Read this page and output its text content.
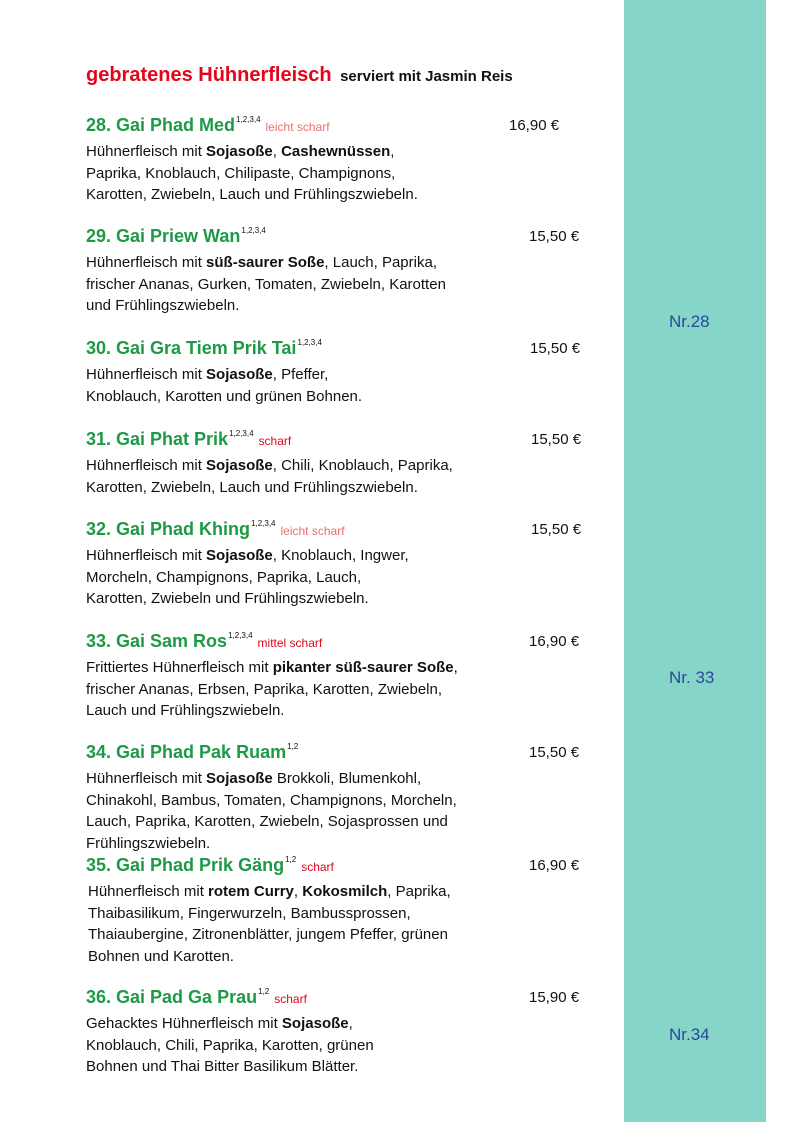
Nr.28
Nr. 33
Nr.34
gebratenes Hühnerfleisch serviert mit Jasmin Reis
28. Gai Phad Med$^{1,2,3,4}$leicht scharf	16,90 €
Hühnerfleisch mit Sojasoße, Cashewnüssen,
Paprika, Knoblauch, Chilipaste, Champignons,
Karotten, Zwiebeln, Lauch und Frühlingszwiebeln.
29. Gai Priew Wan$^{1,2,3,4}$	15,50 €
Hühnerfleisch mit süß-saurer Soße, Lauch, Paprika,
frischer Ananas, Gurken, Tomaten, Zwiebeln, Karotten
und Frühlingszwiebeln.
30. Gai Gra Tiem Prik Tai$^{1,2,3,4}$	15,50 €
Hühnerfleisch mit Sojasoße, Pfeffer,
Knoblauch, Karotten und grünen Bohnen.
31. Gai Phat Prik$^{1,2,3,4}$scharf	15,50 €
Hühnerfleisch mit Sojasoße, Chili, Knoblauch, Paprika,
Karotten, Zwiebeln, Lauch und Frühlingszwiebeln.
32. Gai Phad Khing$^{1,2,3,4}$leicht scharf	15,50 €
Hühnerfleisch mit Sojasoße, Knoblauch, Ingwer,
Morcheln, Champignons, Paprika, Lauch,
Karotten, Zwiebeln und Frühlingszwiebeln.
33. Gai Sam Ros$^{1,2,3,4}$mittel scharf	16,90 €
Frittiertes Hühnerfleisch mit pikanter süß-saurer Soße,
frischer Ananas, Erbsen, Paprika, Karotten, Zwiebeln,
Lauch und Frühlingszwiebeln.
34. Gai Phad Pak Ruam$^{1,2}$	15,50 €
Hühnerfleisch mit Sojasoße Brokkoli, Blumenkohl,
Chinakohl, Bambus, Tomaten, Champignons, Morcheln,
Lauch, Paprika, Karotten, Zwiebeln, Sojasprossen und
Frühlingszwiebeln.
35. Gai Phad Prik Gäng$^{1,2}$scharf	16,90 €
Hühnerfleisch mit rotem Curry, Kokosmilch, Paprika,
Thaibasilikum, Fingerwurzeln, Bambussprossen,
Thaiaubergine, Zitronenblätter, jungem Pfeffer, grünen
Bohnen und Karotten.
36. Gai Pad Ga Prau$^{1,2}$scharf	15,90 €
Gehacktes Hühnerfleisch mit Sojasoße,
Knoblauch, Chili, Paprika, Karotten, grünen
Bohnen und Thai Bitter Basilikum Blätter.
